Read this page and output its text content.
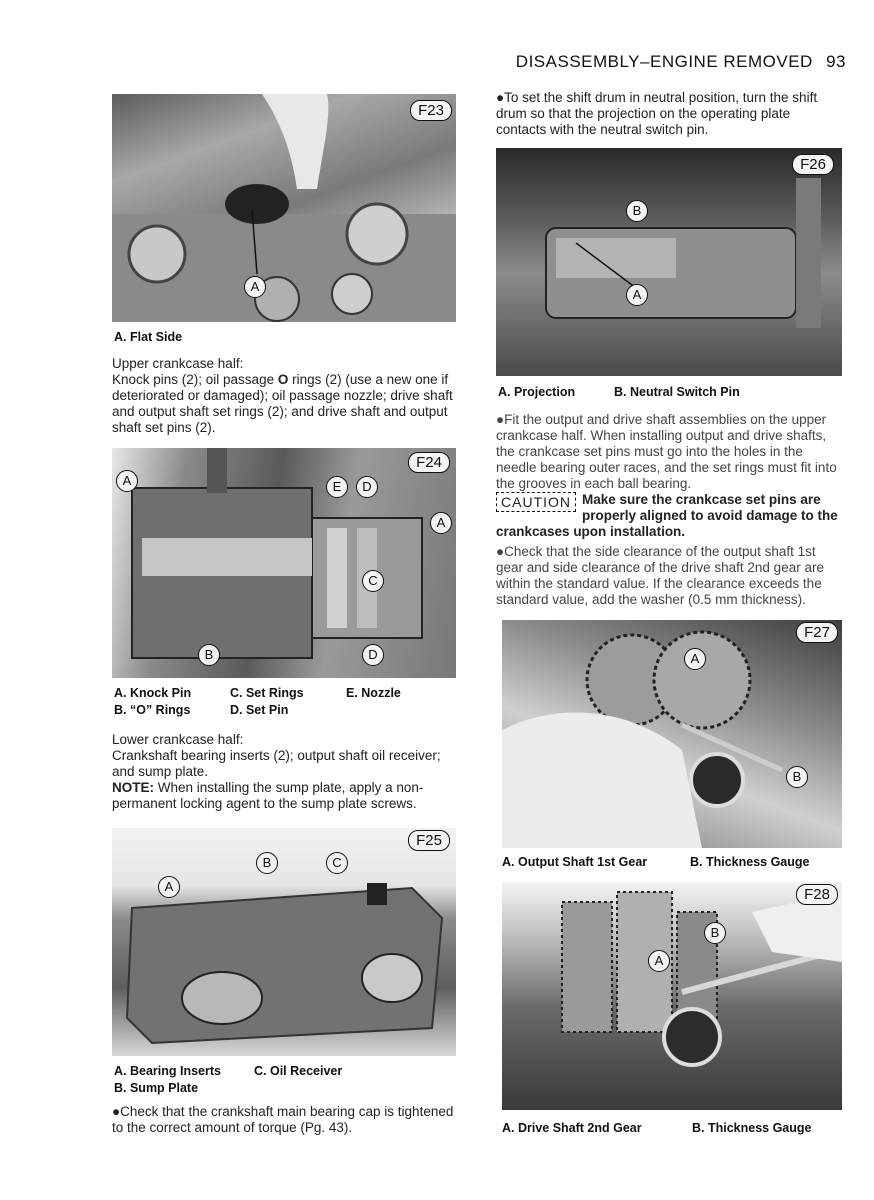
DISASSEMBLY–ENGINE REMOVED 93
F23
A
A. Flat Side

Upper crankcase half:

Knock pins (2); oil passage O rings (2) (use a new one if deteriorated or damaged); oil passage nozzle; drive shaft and output shaft set rings (2); and drive shaft and output shaft set pins (2).

F24
A
A
E	D
C
B	D
A. Knock Pin
B. “O” Rings
C. Set Rings
D. Set Pin
E. Nozzle

Lower crankcase half:

Crankshaft bearing inserts (2); output shaft oil receiver; and sump plate.

NOTE: When installing the sump plate, apply a non-permanent locking agent to the sump plate screws.

F25
A
B	C
A. Bearing Inserts
B. Sump Plate
C. Oil Receiver
●Check that the crankshaft main bearing cap is tightened to the correct amount of torque (Pg. 43).
●To set the shift drum in neutral position, turn the shift drum so that the projection on the operating plate contacts with the neutral switch pin.
F26
B
A
A. Projection	B. Neutral Switch Pin
●Fit the output and drive shaft assemblies on the upper crankcase half. When installing output and drive shafts, the crankcase set pins must go into the holes in the needle bearing outer races, and the set rings must fit into the grooves in each ball bearing.
CAUTION Make sure the crankcase set pins are properly aligned to avoid damage to the crankcases upon installation.
●Check that the side clearance of the output shaft 1st gear and side clearance of the drive shaft 2nd gear are within the standard value. If the clearance exceeds the standard value, add the washer (0.5 mm thickness).
F27
A
B
A. Output Shaft 1st Gear	B. Thickness Gauge
F28
A
B
A. Drive Shaft 2nd Gear	B. Thickness Gauge
